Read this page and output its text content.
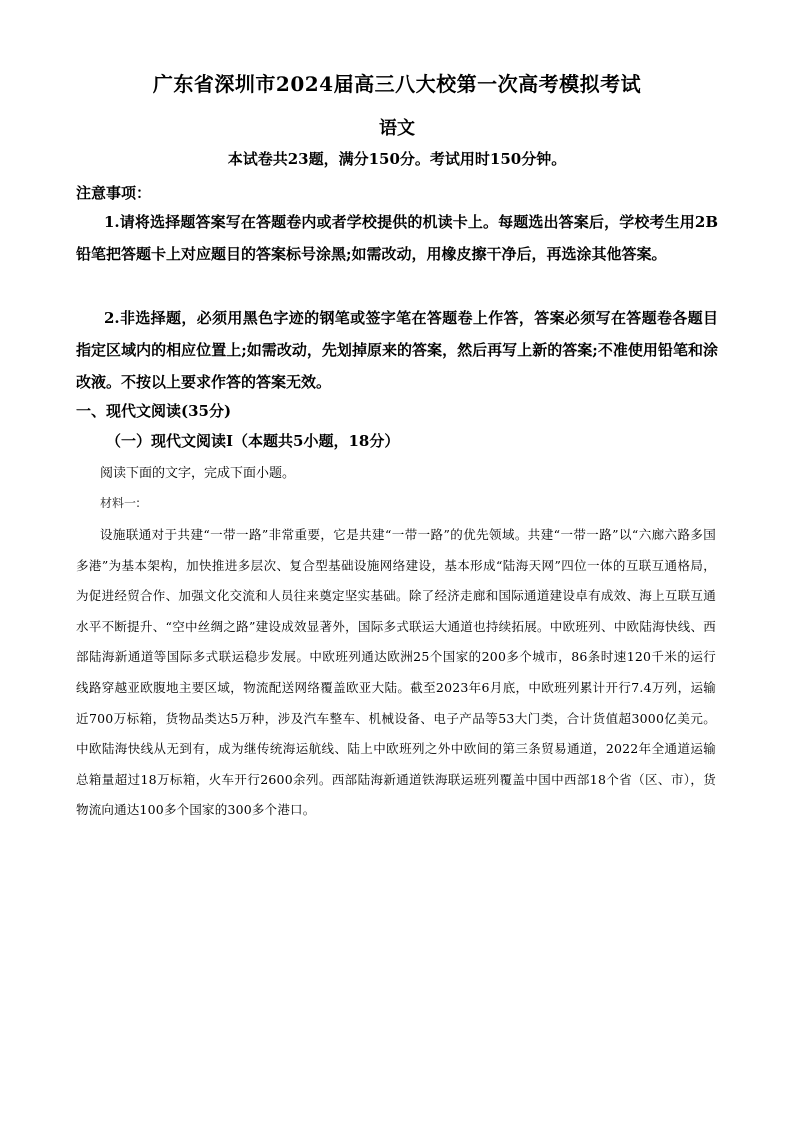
广东省深圳市2024届高三八大校第一次高考模拟考试
语文
本试卷共23题，满分150分。考试用时150分钟。
注意事项：

1.请将选择题答案写在答题卷内或者学校提供的机读卡上。每题选出答案后，学校考生用2B铅笔把答题卡上对应题目的答案标号涂黑;如需改动，用橡皮擦干净后，再选涂其他答案。

2.非选择题，必须用黑色字迹的钢笔或签字笔在答题卷上作答，答案必须写在答题卷各题目指定区域内的相应位置上;如需改动，先划掉原来的答案，然后再写上新的答案;不准使用铅笔和涂改液。不按以上要求作答的答案无效。

一、现代文阅读(35分)
（一）现代文阅读Ⅰ（本题共5小题，18分）
阅读下面的文字，完成下面小题。
材料一:

设施联通对于共建“一带一路”非常重要，它是共建“一带一路”的优先领域。共建“一带一路”以“六廊六路多国多港”为基本架构，加快推进多层次、复合型基础设施网络建设，基本形成“陆海天网”四位一体的互联互通格局，为促进经贸合作、加强文化交流和人员往来奠定坚实基础。除了经济走廊和国际通道建设卓有成效、海上互联互通水平不断提升、“空中丝绸之路”建设成效显著外，国际多式联运大通道也持续拓展。中欧班列、中欧陆海快线、西部陆海新通道等国际多式联运稳步发展。中欧班列通达欧洲25个国家的200多个城市，86条时速120千米的运行线路穿越亚欧腹地主要区域，物流配送网络覆盖欧亚大陆。截至2023年6月底，中欧班列累计开行7.4万列，运输近700万标箱，货物品类达5万种，涉及汽车整车、机械设备、电子产品等53大门类，合计货值超3000亿美元。中欧陆海快线从无到有，成为继传统海运航线、陆上中欧班列之外中欧间的第三条贸易通道，2022年全通道运输总箱量超过18万标箱，火车开行2600余列。西部陆海新通道铁海联运班列覆盖中国中西部18个省（区、市），货物流向通达100多个国家的300多个港口。
